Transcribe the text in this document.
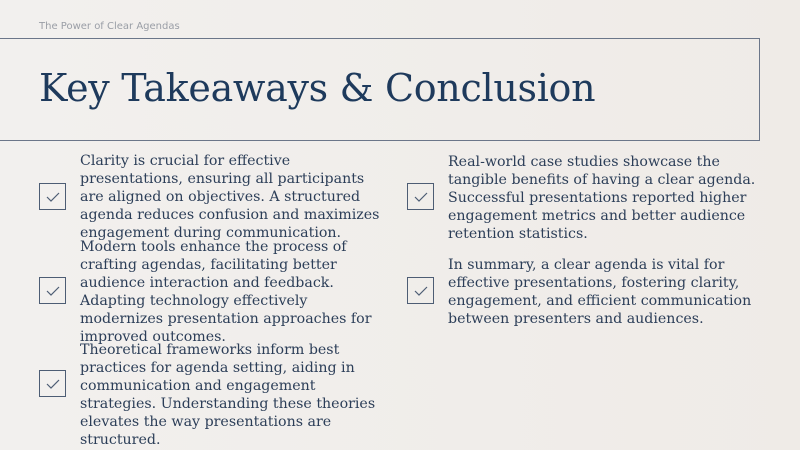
The Power of Clear Agendas
Key Takeaways & Conclusion
Clarity is crucial for effective presentations, ensuring all participants are aligned on objectives. A structured agenda reduces confusion and maximizes engagement during communication.
Modern tools enhance the process of crafting agendas, facilitating better audience interaction and feedback. Adapting technology effectively modernizes presentation approaches for improved outcomes.
Theoretical frameworks inform best practices for agenda setting, aiding in communication and engagement strategies. Understanding these theories elevates the way presentations are structured.
Real-world case studies showcase the tangible benefits of having a clear agenda. Successful presentations reported higher engagement metrics and better audience retention statistics.
In summary, a clear agenda is vital for effective presentations, fostering clarity, engagement, and efficient communication between presenters and audiences.
